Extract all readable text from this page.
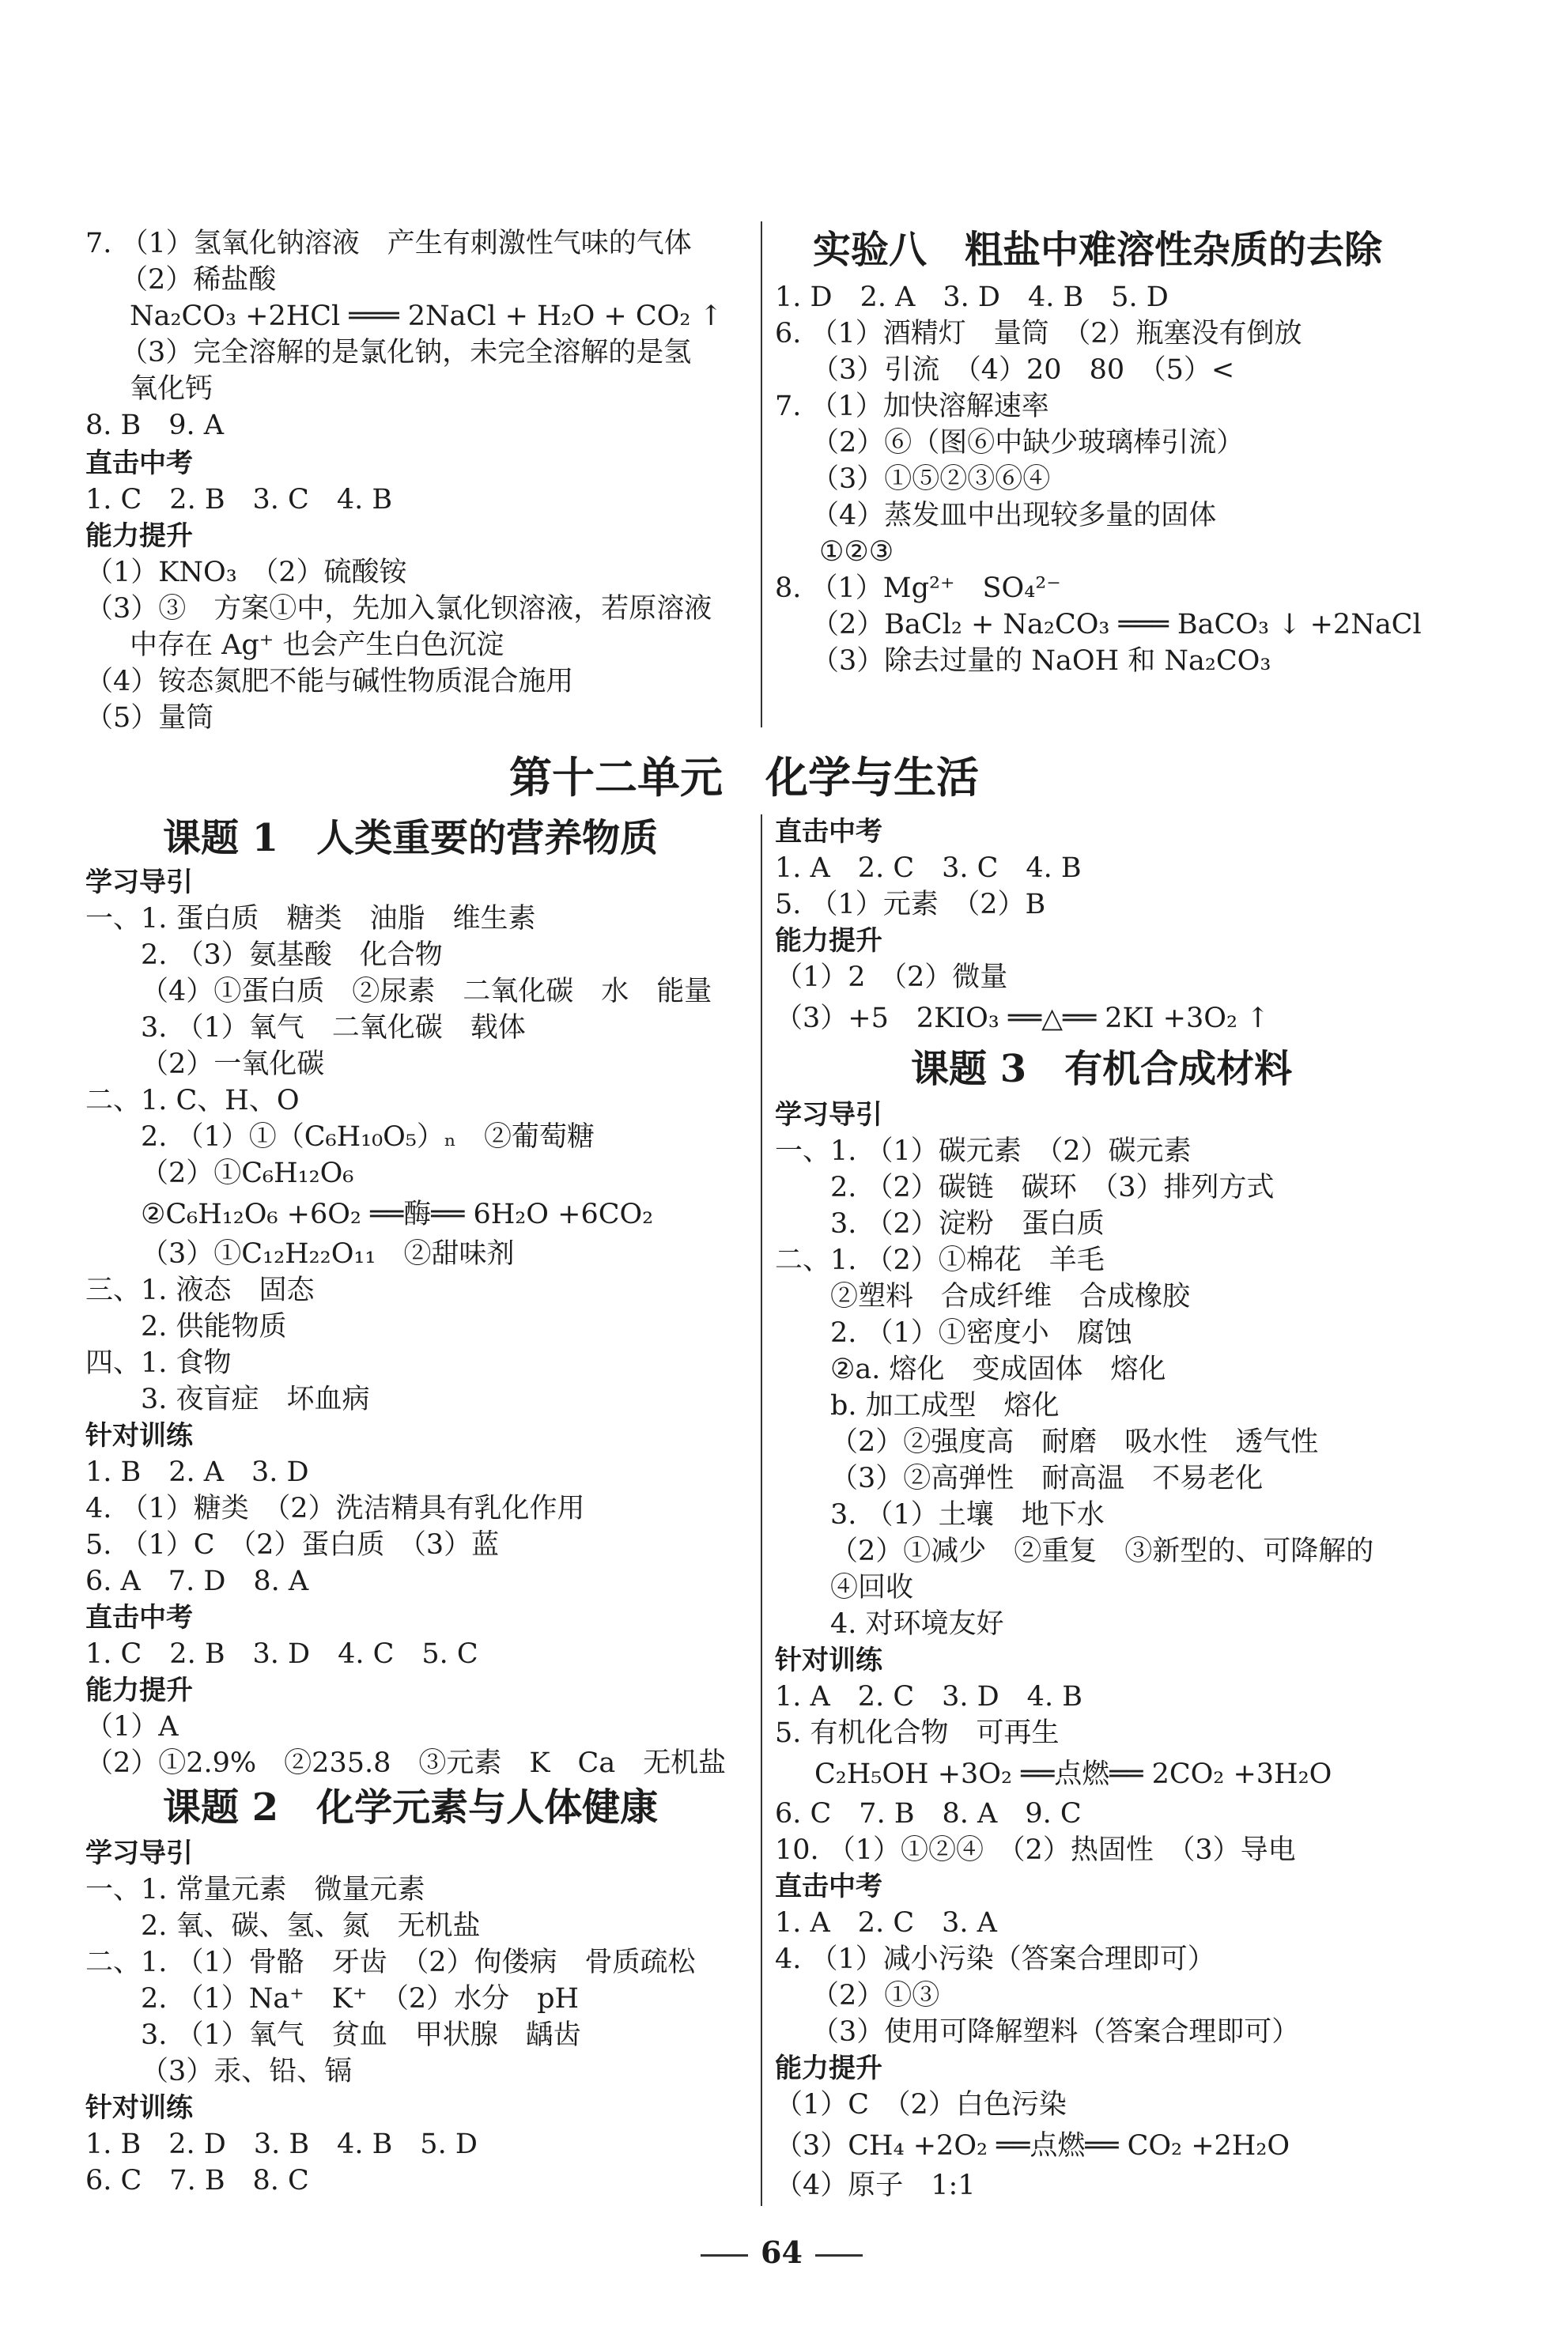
7. （1）氢氧化钠溶液　产生有刺激性气味的气体
（2）稀盐酸
Na₂CO₃ +2HCl ═══ 2NaCl + H₂O + CO₂ ↑
（3）完全溶解的是氯化钠，未完全溶解的是氢
氧化钙
8. B　9. A
直击中考
1. C　2. B　3. C　4. B
能力提升
（1）KNO₃　（2）硫酸铵
（3）③　方案①中，先加入氯化钡溶液，若原溶液
中存在 Ag⁺ 也会产生白色沉淀
（4）铵态氮肥不能与碱性物质混合施用
（5）量筒
实验八　粗盐中难溶性杂质的去除
1. D　2. A　3. D　4. B　5. D
6. （1）酒精灯　量筒　（2）瓶塞没有倒放
（3）引流　（4）20　80　（5）<
7. （1）加快溶解速率
（2）⑥（图⑥中缺少玻璃棒引流）
（3）①⑤②③⑥④
（4）蒸发皿中出现较多量的固体
①②③
8. （1）Mg²⁺　SO₄²⁻
（2）BaCl₂ + Na₂CO₃ ═══ BaCO₃ ↓ +2NaCl
（3）除去过量的 NaOH 和 Na₂CO₃
第十二单元　化学与生活
课题 1　人类重要的营养物质
学习导引
一、1. 蛋白质　糖类　油脂　维生素
2. （3）氨基酸　化合物
（4）①蛋白质　②尿素　二氧化碳　水　能量
3. （1）氧气　二氧化碳　载体
（2）一氧化碳
二、1. C、H、O
2. （1）①（C₆H₁₀O₅）ₙ　②葡萄糖
（2）①C₆H₁₂O₆
②C₆H₁₂O₆ +6O₂ ══酶══ 6H₂O +6CO₂
（3）①C₁₂H₂₂O₁₁　②甜味剂
三、1. 液态　固态
2. 供能物质
四、1. 食物
3. 夜盲症　坏血病
针对训练
1. B　2. A　3. D
4. （1）糖类　（2）洗洁精具有乳化作用
5. （1）C　（2）蛋白质　（3）蓝
6. A　7. D　8. A
直击中考
1. C　2. B　3. D　4. C　5. C
能力提升
（1）A
（2）①2.9%　②235.8　③元素　K　Ca　无机盐
课题 2　化学元素与人体健康
学习导引
一、1. 常量元素　微量元素
2. 氧、碳、氢、氮　无机盐
二、1. （1）骨骼　牙齿　（2）佝偻病　骨质疏松
2. （1）Na⁺　K⁺　（2）水分　pH
3. （1）氧气　贫血　甲状腺　龋齿
（3）汞、铅、镉
针对训练
1. B　2. D　3. B　4. B　5. D
6. C　7. B　8. C
直击中考
1. A　2. C　3. C　4. B
5. （1）元素　（2）B
能力提升
（1）2　（2）微量
（3）+5　2KIO₃ ══△══ 2KI +3O₂ ↑
课题 3　有机合成材料
学习导引
一、1. （1）碳元素　（2）碳元素
2. （2）碳链　碳环　（3）排列方式
3. （2）淀粉　蛋白质
二、1. （2）①棉花　羊毛
②塑料　合成纤维　合成橡胶
2. （1）①密度小　腐蚀
②a. 熔化　变成固体　熔化
b. 加工成型　熔化
（2）②强度高　耐磨　吸水性　透气性
（3）②高弹性　耐高温　不易老化
3. （1）土壤　地下水
（2）①减少　②重复　③新型的、可降解的
④回收
4. 对环境友好
针对训练
1. A　2. C　3. D　4. B
5. 有机化合物　可再生
C₂H₅OH +3O₂ ══点燃══ 2CO₂ +3H₂O
6. C　7. B　8. A　9. C
10. （1）①②④　（2）热固性　（3）导电
直击中考
1. A　2. C　3. A
4. （1）减小污染（答案合理即可）
（2）①③
（3）使用可降解塑料（答案合理即可）
能力提升
（1）C　（2）白色污染
（3）CH₄ +2O₂ ══点燃══ CO₂ +2H₂O
（4）原子　1:1
64
